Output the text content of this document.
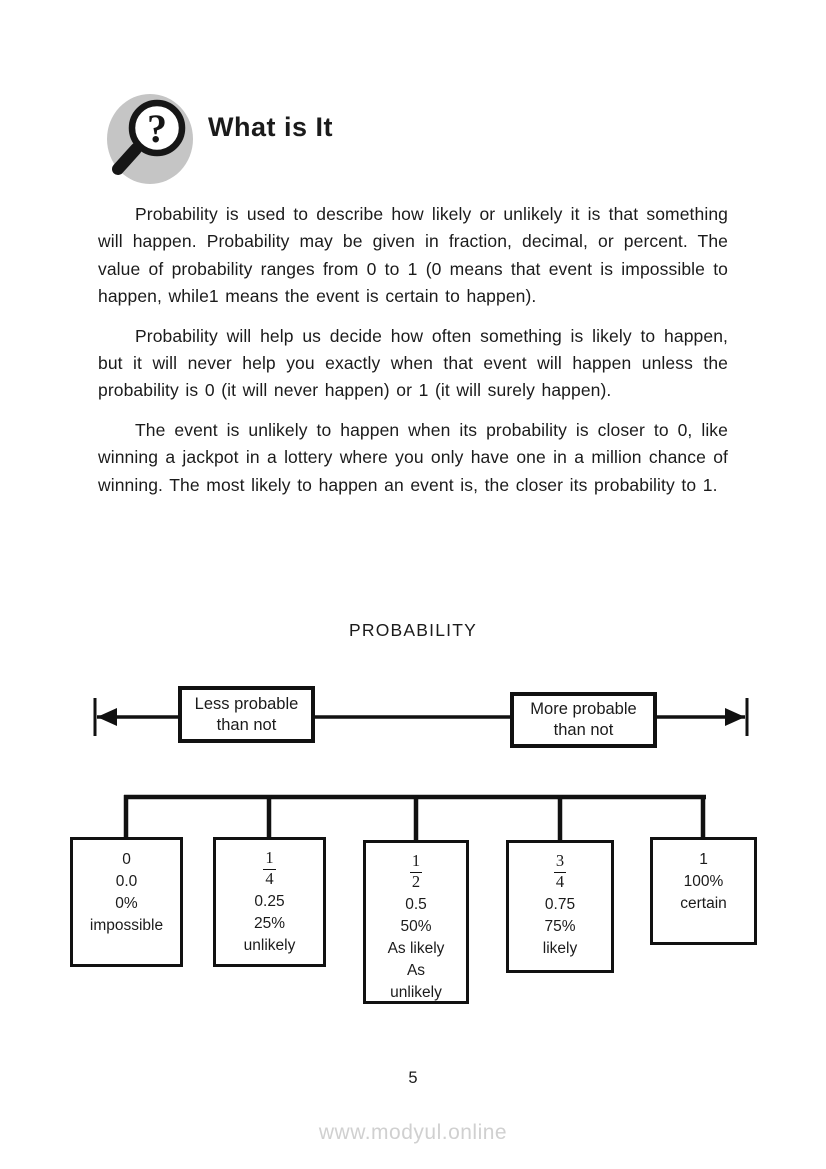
? What is It

Probability is used to describe how likely or unlikely it is that something will happen. Probability may be given in fraction, decimal, or percent. The value of probability ranges from 0 to 1 (0 means that event is impossible to happen, while1 means the event is certain to happen).

Probability will help us decide how often something is likely to happen, but it will never help you exactly when that event will happen unless the probability is 0 (it will never happen) or 1 (it will surely happen).

The event is unlikely to happen when its probability is closer to 0, like winning a jackpot in a lottery where you only have one in a million chance of winning. The most likely to happen an event is, the closer its probability to 1.

PROBABILITY
Less probable than not
More probable than not
0
0.0
0%
impossible
$\frac{1}{4}$
0.25
25%
unlikely
$\frac{1}{2}$
0.5
50%
As likely
As
unlikely
$\frac{3}{4}$
0.75
75%
likely
1
100%
certain
5
www.modyul.online
